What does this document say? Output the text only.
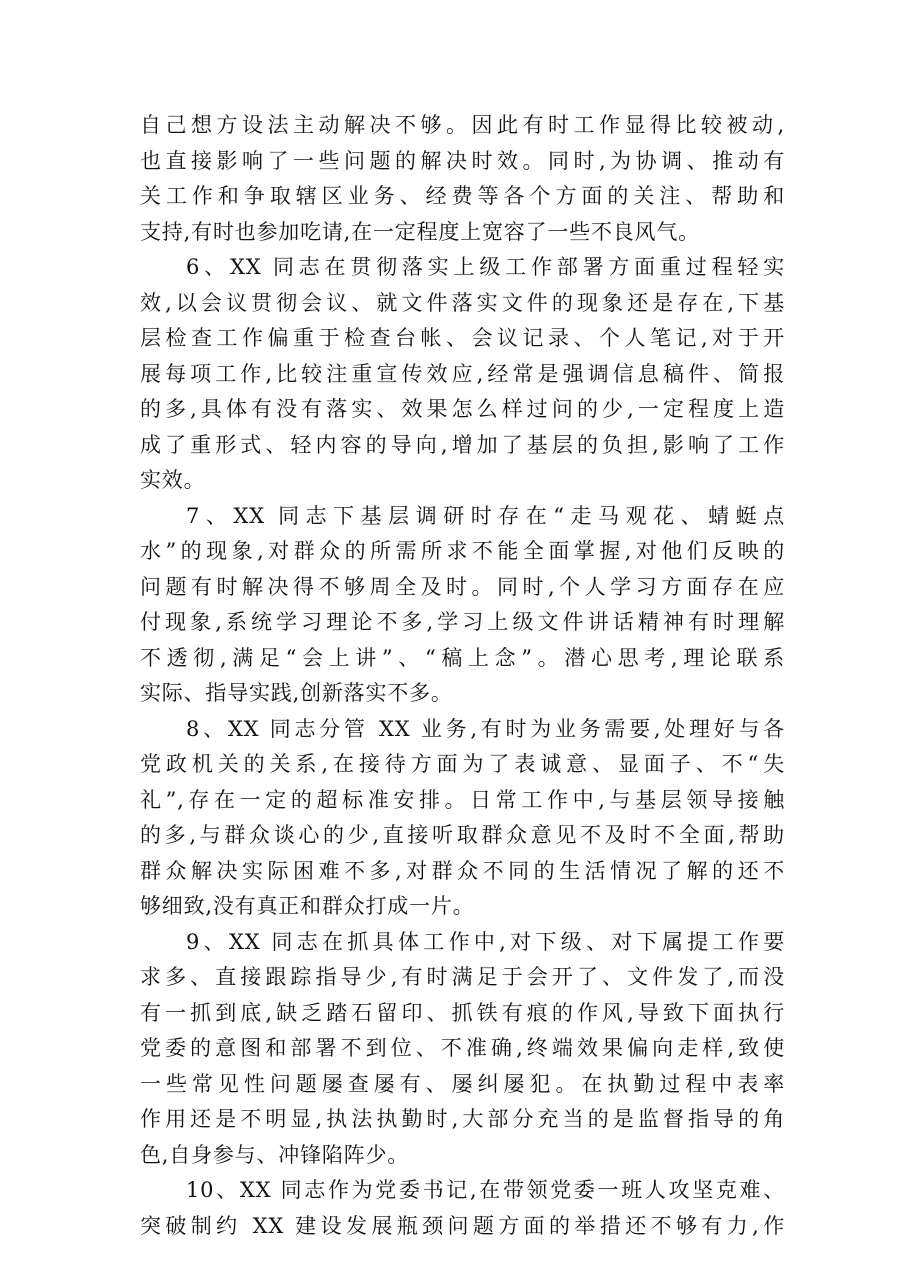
自己想方设法主动解决不够。因此有时工作显得比较被动,
也直接影响了一些问题的解决时效。同时,为协调、推动有
关工作和争取辖区业务、经费等各个方面的关注、帮助和
支持,有时也参加吃请,在一定程度上宽容了一些不良风气。
6、XX 同志在贯彻落实上级工作部署方面重过程轻实
效,以会议贯彻会议、就文件落实文件的现象还是存在,下基
层检查工作偏重于检查台帐、会议记录、个人笔记,对于开
展每项工作,比较注重宣传效应,经常是强调信息稿件、简报
的多,具体有没有落实、效果怎么样过问的少,一定程度上造
成了重形式、轻内容的导向,增加了基层的负担,影响了工作
实效。
7、XX 同志下基层调研时存在“走马观花、蜻蜓点
水”的现象,对群众的所需所求不能全面掌握,对他们反映的
问题有时解决得不够周全及时。同时,个人学习方面存在应
付现象,系统学习理论不多,学习上级文件讲话精神有时理解
不透彻,满足“会上讲”、“稿上念”。潜心思考,理论联系
实际、指导实践,创新落实不多。
8、XX 同志分管 XX 业务,有时为业务需要,处理好与各
党政机关的关系,在接待方面为了表诚意、显面子、不“失
礼”,存在一定的超标准安排。日常工作中,与基层领导接触
的多,与群众谈心的少,直接听取群众意见不及时不全面,帮助
群众解决实际困难不多,对群众不同的生活情况了解的还不
够细致,没有真正和群众打成一片。
9、XX 同志在抓具体工作中,对下级、对下属提工作要
求多、直接跟踪指导少,有时满足于会开了、文件发了,而没
有一抓到底,缺乏踏石留印、抓铁有痕的作风,导致下面执行
党委的意图和部署不到位、不准确,终端效果偏向走样,致使
一些常见性问题屡查屡有、屡纠屡犯。在执勤过程中表率
作用还是不明显,执法执勤时,大部分充当的是监督指导的角
色,自身参与、冲锋陷阵少。
10、XX 同志作为党委书记,在带领党委一班人攻坚克难、
突破制约 XX 建设发展瓶颈问题方面的举措还不够有力,作
